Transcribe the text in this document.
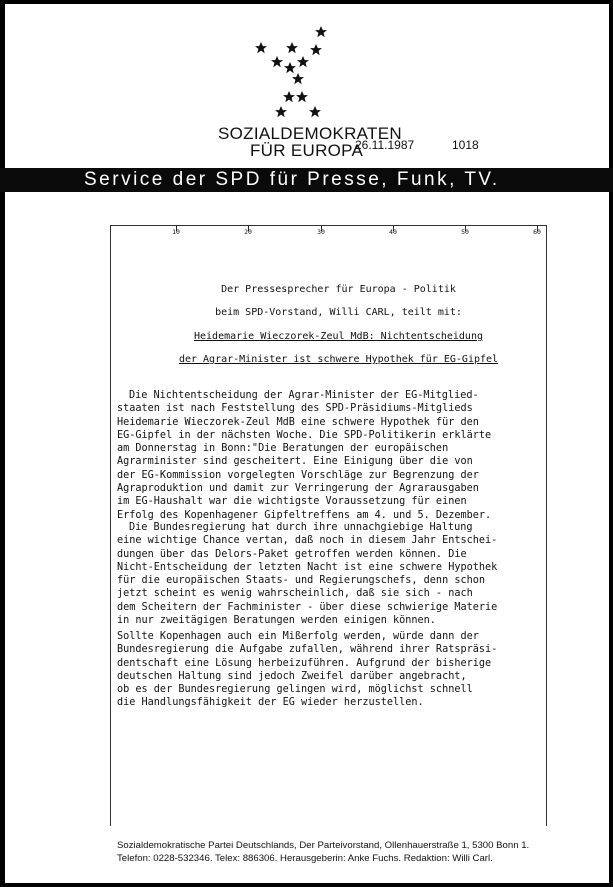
SOZIALDEMOKRATEN
FÜR EUROPA
26.11.1987	1018
Service der SPD für Presse, Funk, TV.
10	20	30	40	50	60
Der Pressesprecher für Europa - Politik
beim SPD-Vorstand, Willi CARL, teilt mit:
Heidemarie Wieczorek-Zeul MdB: Nichtentscheidung
der Agrar-Minister ist schwere Hypothek für EG-Gipfel
Die Nichtentscheidung der Agrar-Minister der EG-Mitglied-
staaten ist nach Feststellung des SPD-Präsidiums-Mitglieds
Heidemarie Wieczorek-Zeul MdB eine schwere Hypothek für den
EG-Gipfel in der nächsten Woche. Die SPD-Politikerin erklärte
am Donnerstag in Bonn:"Die Beratungen der europäischen
Agrarminister sind gescheitert. Eine Einigung über die von
der EG-Kommission vorgelegten Vorschläge zur Begrenzung der
Agraproduktion und damit zur Verringerung der Agrarausgaben
im EG-Haushalt war die wichtigste Voraussetzung für einen
Erfolg des Kopenhagener Gipfeltreffens am 4. und 5. Dezember.
Die Bundesregierung hat durch ihre unnachgiebige Haltung
eine wichtige Chance vertan, daß noch in diesem Jahr Entschei-
dungen über das Delors-Paket getroffen werden können. Die
Nicht-Entscheidung der letzten Nacht ist eine schwere Hypothek
für die europäischen Staats- und Regierungschefs, denn schon
jetzt scheint es wenig wahrscheinlich, daß sie sich - nach
dem Scheitern der Fachminister - über diese schwierige Materie
in nur zweitägigen Beratungen werden einigen können.
Sollte Kopenhagen auch ein Mißerfolg werden, würde dann der
Bundesregierung die Aufgabe zufallen, während ihrer Ratspräsi-
dentschaft eine Lösung herbeizuführen. Aufgrund der bisherige
deutschen Haltung sind jedoch Zweifel darüber angebracht,
ob es der Bundesregierung gelingen wird, möglichst schnell
die Handlungsfähigkeit der EG wieder herzustellen.
Sozialdemokratische Partei Deutschlands, Der Parteivorstand, Ollenhauerstraße 1, 5300 Bonn 1.
Telefon: 0228-532346. Telex: 886306. Herausgeberin: Anke Fuchs. Redaktion: Willi Carl.
